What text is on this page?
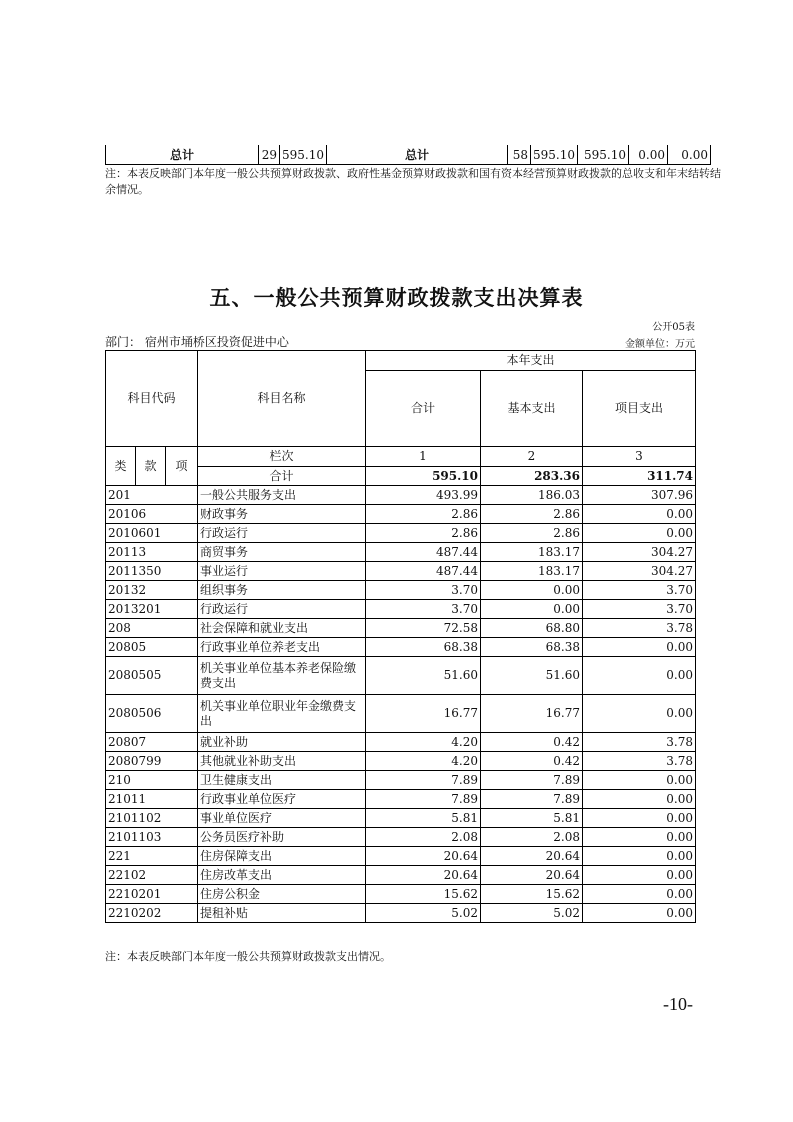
总计	29	595.10	总计	58	595.10	595.10	0.00	0.00
注：本表反映部门本年度一般公共预算财政拨款、政府性基金预算财政拨款和国有资本经营预算财政拨款的总收支和年末结转结余情况。
五、一般公共预算财政拨款支出决算表
公开05表
部门： 宿州市埇桥区投资促进中心	金额单位：万元
科目代码			科目名称	本年支出		
				合计	基本支出	项目支出
类	款	项	栏次	1	2	3
			合计	595.10	283.36	311.74
201			一般公共服务支出	493.99	186.03	307.96
20106			财政事务	2.86	2.86	0.00
2010601			行政运行	2.86	2.86	0.00
20113			商贸事务	487.44	183.17	304.27
2011350			事业运行	487.44	183.17	304.27
20132			组织事务	3.70	0.00	3.70
2013201			行政运行	3.70	0.00	3.70
208			社会保障和就业支出	72.58	68.80	3.78
20805			行政事业单位养老支出	68.38	68.38	0.00
2080505			机关事业单位基本养老保险缴费支出	51.60	51.60	0.00
2080506			机关事业单位职业年金缴费支出	16.77	16.77	0.00
20807			就业补助	4.20	0.42	3.78
2080799			其他就业补助支出	4.20	0.42	3.78
210			卫生健康支出	7.89	7.89	0.00
21011			行政事业单位医疗	7.89	7.89	0.00
2101102			事业单位医疗	5.81	5.81	0.00
2101103			公务员医疗补助	2.08	2.08	0.00
221			住房保障支出	20.64	20.64	0.00
22102			住房改革支出	20.64	20.64	0.00
2210201			住房公积金	15.62	15.62	0.00
2210202			提租补贴	5.02	5.02	0.00
注：本表反映部门本年度一般公共预算财政拨款支出情况。
-10-
